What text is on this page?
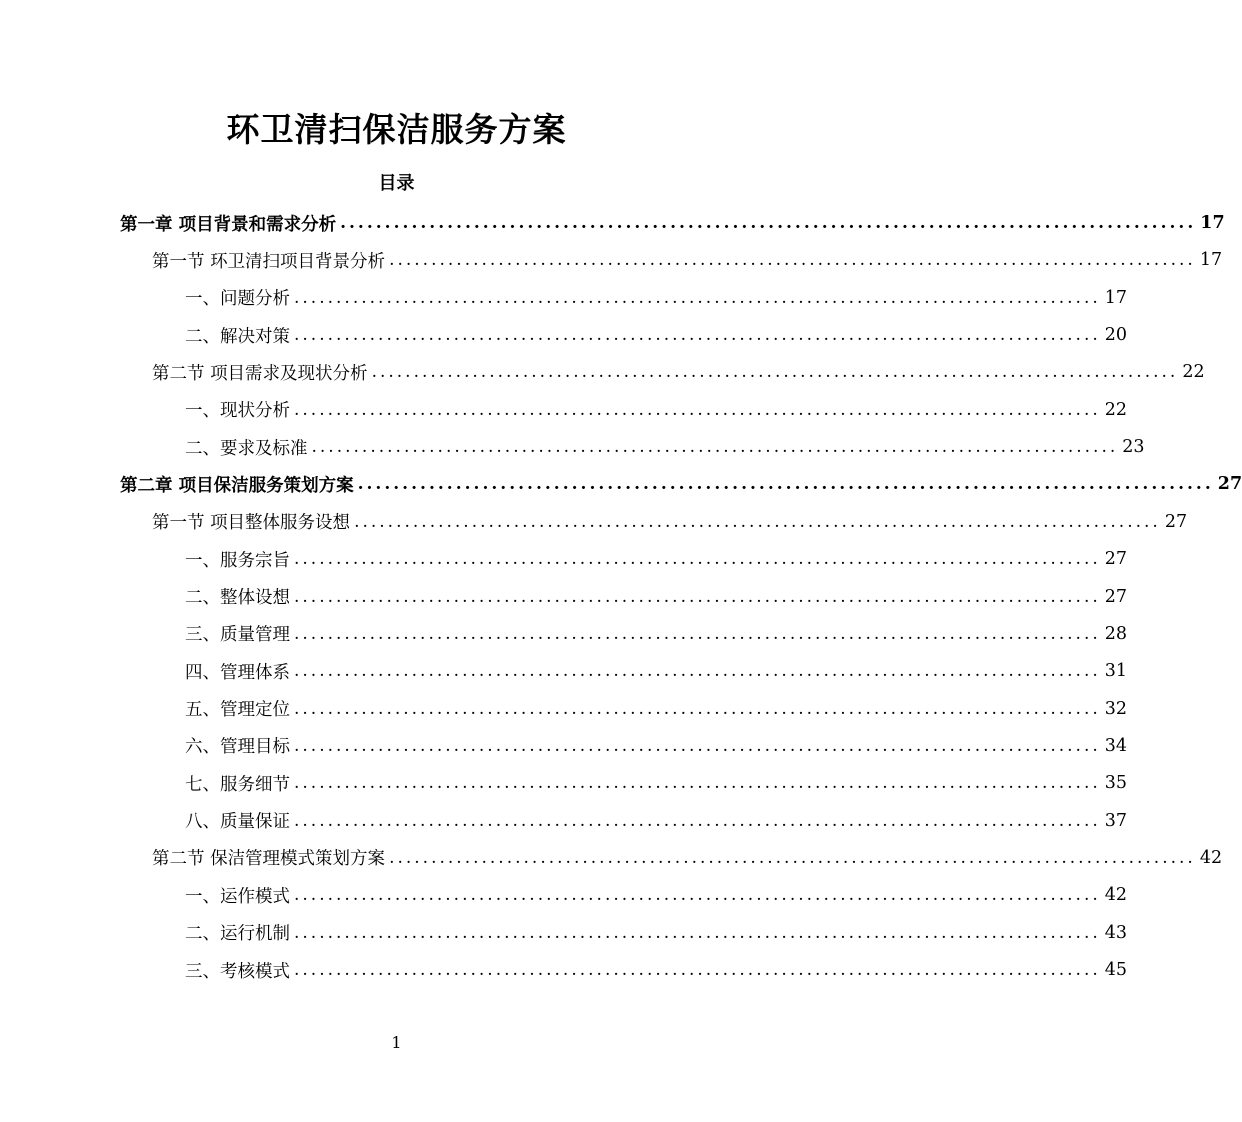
环卫清扫保洁服务方案
目录
第一章 项目背景和需求分析 ................................................................................................ 17
第一节 环卫清扫项目背景分析 ................................................................................................ 17
一、问题分析 ................................................................................................ 17
二、解决对策 ................................................................................................ 20
第二节 项目需求及现状分析 ................................................................................................ 22
一、现状分析 ................................................................................................ 22
二、要求及标准 ................................................................................................ 23
第二章 项目保洁服务策划方案 ................................................................................................ 27
第一节 项目整体服务设想 ................................................................................................ 27
一、服务宗旨 ................................................................................................ 27
二、整体设想 ................................................................................................ 27
三、质量管理 ................................................................................................ 28
四、管理体系 ................................................................................................ 31
五、管理定位 ................................................................................................ 32
六、管理目标 ................................................................................................ 34
七、服务细节 ................................................................................................ 35
八、质量保证 ................................................................................................ 37
第二节 保洁管理模式策划方案 ................................................................................................ 42
一、运作模式 ................................................................................................ 42
二、运行机制 ................................................................................................ 43
三、考核模式 ................................................................................................ 45
1
